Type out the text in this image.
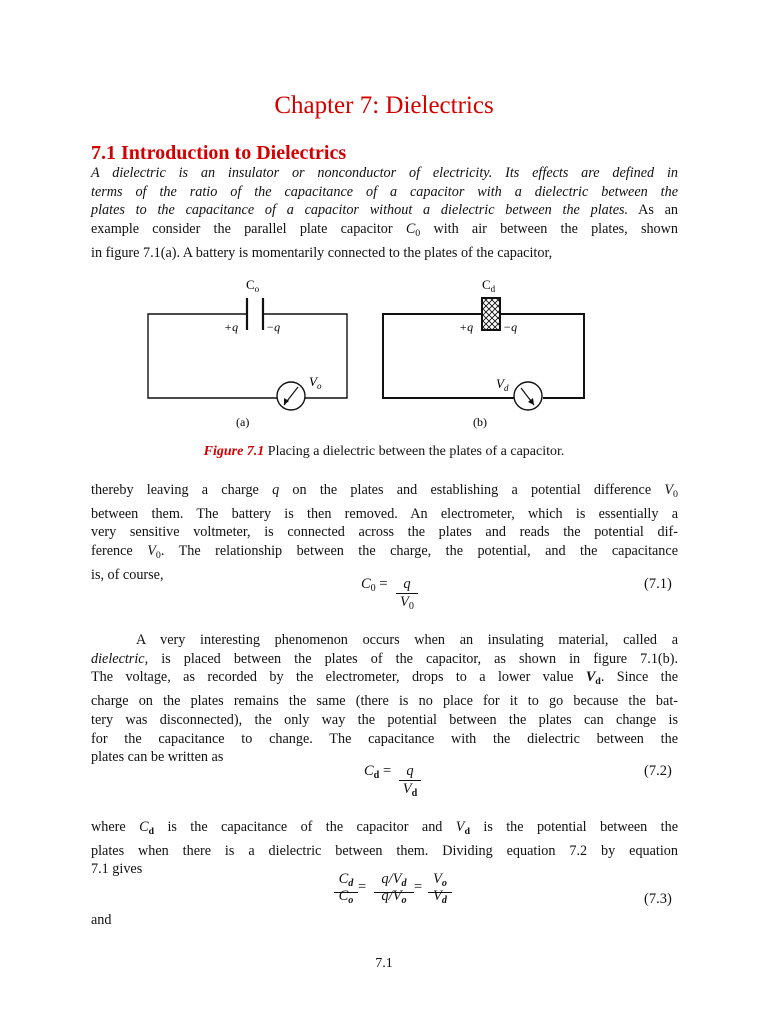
Chapter 7: Dielectrics
7.1 Introduction to Dielectrics
A dielectric is an insulator or nonconductor of electricity. Its effects are defined in
terms of the ratio of the capacitance of a capacitor with a dielectric between the
plates to the capacitance of a capacitor without a dielectric between the plates. As an
example consider the parallel plate capacitor $C_0$ with air between the plates, shown
in figure 7.1(a). A battery is momentarily connected to the plates of the capacitor,
$C_o$
+q −q
$V_o$
(a)
$C_d$
+q −q
$V_d$
(b)
Figure 7.1 Placing a dielectric between the plates of a capacitor.
thereby leaving a charge q on the plates and establishing a potential difference $V_0$
between them. The battery is then removed. An electrometer, which is essentially a
very sensitive voltmeter, is connected across the plates and reads the potential dif-
ference $V_0$. The relationship between the charge, the potential, and the capacitance
is, of course,
$C_0$ =	q
$V_0$
(7.1)
A very interesting phenomenon occurs when an insulating material, called a
dielectric, is placed between the plates of the capacitor, as shown in figure 7.1(b).
The voltage, as recorded by the electrometer, drops to a lower value $V_d$. Since the
charge on the plates remains the same (there is no place for it to go because the bat-
tery was disconnected), the only way the potential between the plates can change is
for the capacitance to change. The capacitance with the dielectric between the
plates can be written as
$C_d$ =	q
$V_d$
(7.2)
where $C_d$ is the capacitance of the capacitor and $V_d$ is the potential between the
plates when there is a dielectric between them. Dividing equation 7.2 by equation
7.1 gives
$C_d$
$C_o$
=	$q/V_d$
$q/V_o$
= $V_o$
$V_d$	(7.3)
and
7.1
